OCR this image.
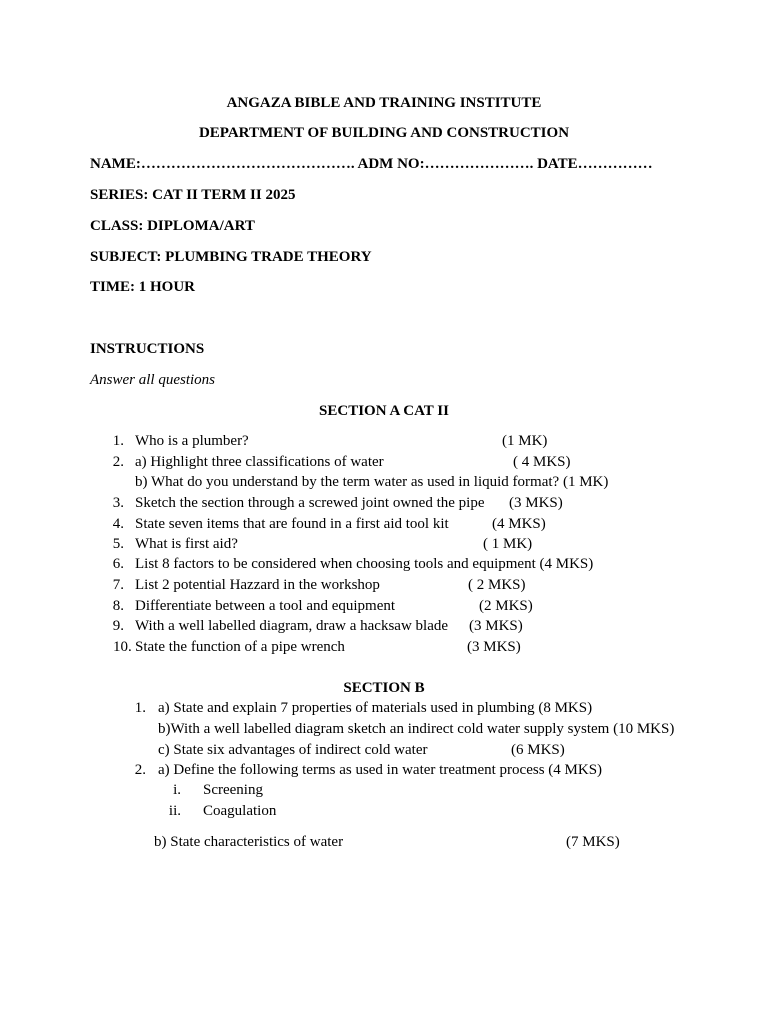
ANGAZA BIBLE AND TRAINING INSTITUTE
DEPARTMENT OF BUILDING AND CONSTRUCTION
NAME:……………………………………. ADM NO:…………………. DATE……………
SERIES: CAT II TERM II 2025
CLASS: DIPLOMA/ART
SUBJECT: PLUMBING TRADE THEORY
TIME: 1 HOUR
INSTRUCTIONS
Answer all questions
SECTION A CAT II
1. Who is a plumber?	(1 MK)
2. a) Highlight three classifications of water	( 4 MKS)
b) What do you understand by the term water as used in liquid format? (1 MK)
3. Sketch the section through a screwed joint owned the pipe (3 MKS)
4. State seven items that are found in a first aid tool kit	(4 MKS)
5. What is first aid?	( 1 MK)
6. List 8 factors to be considered when choosing tools and equipment (4 MKS)
7. List 2 potential Hazzard in the workshop	( 2 MKS)
8. Differentiate between a tool and equipment	(2 MKS)
9. With a well labelled diagram, draw a hacksaw blade (3 MKS)
10. State the function of a pipe wrench	(3 MKS)
SECTION B
1. a) State and explain 7 properties of materials used in plumbing (8 MKS)
b)With a well labelled diagram sketch an indirect cold water supply system (10 MKS)
c) State six advantages of indirect cold water	(6 MKS)
2. a) Define the following terms as used in water treatment process (4 MKS)
i. Screening
ii. Coagulation
b) State characteristics of water	(7 MKS)
